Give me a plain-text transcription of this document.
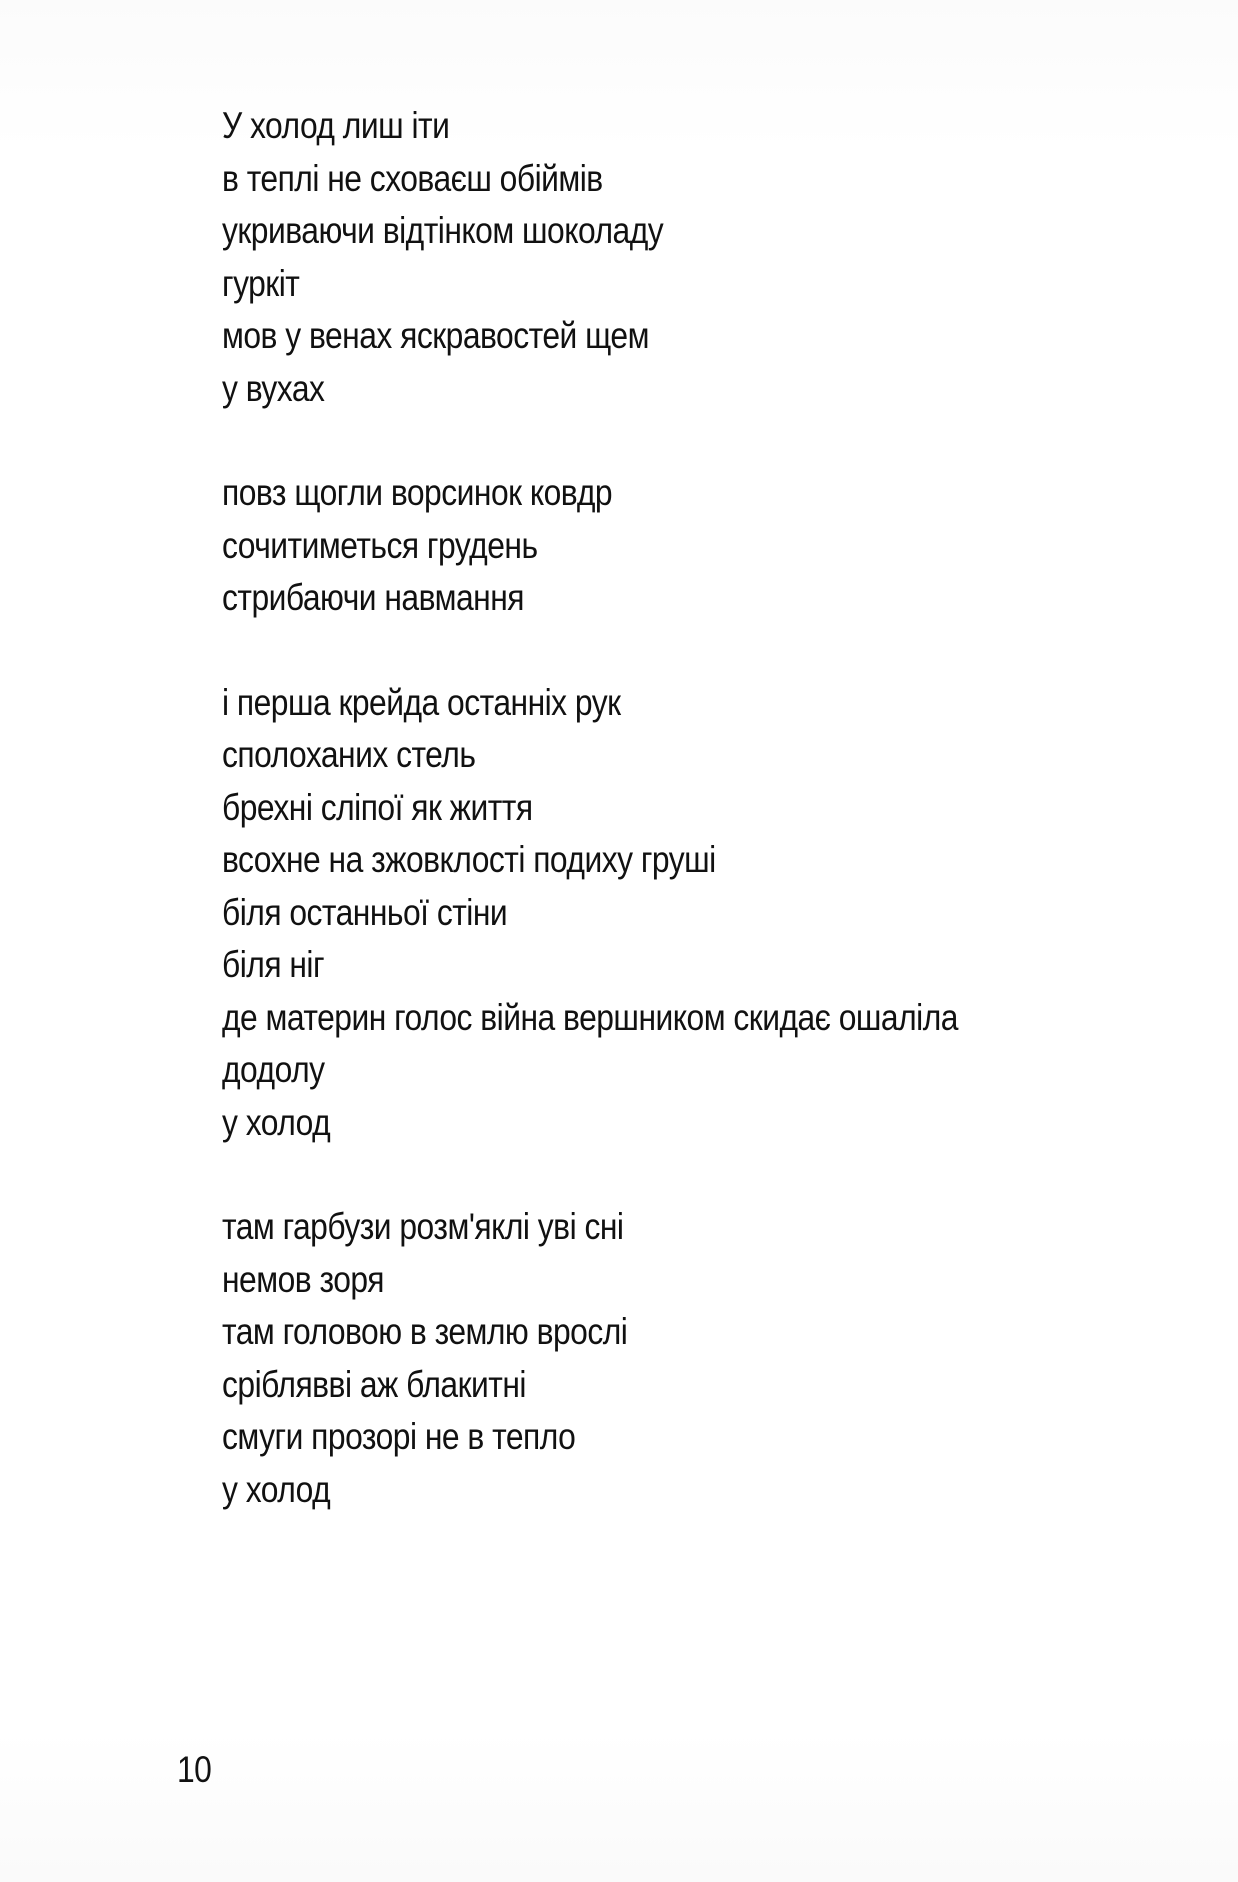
У холод лиш іти
в теплі не сховаєш обіймів
укриваючи відтінком шоколаду
гуркіт
мов у венах яскравостей щем
у вухах
повз щогли ворсинок ковдр
сочитиметься грудень
стрибаючи навмання
і перша крейда останніх рук
сполоханих стель
брехні сліпої як життя
всохне на зжовклості подиху груші
біля останньої стіни
біля ніг
де материн голос війна вершником скидає ошаліла
додолу
у холод
там гарбузи розм'яклі уві сні
немов зоря
там головою в землю врослі
сріблявві аж блакитні
смуги прозорі не в тепло
у холод
10
